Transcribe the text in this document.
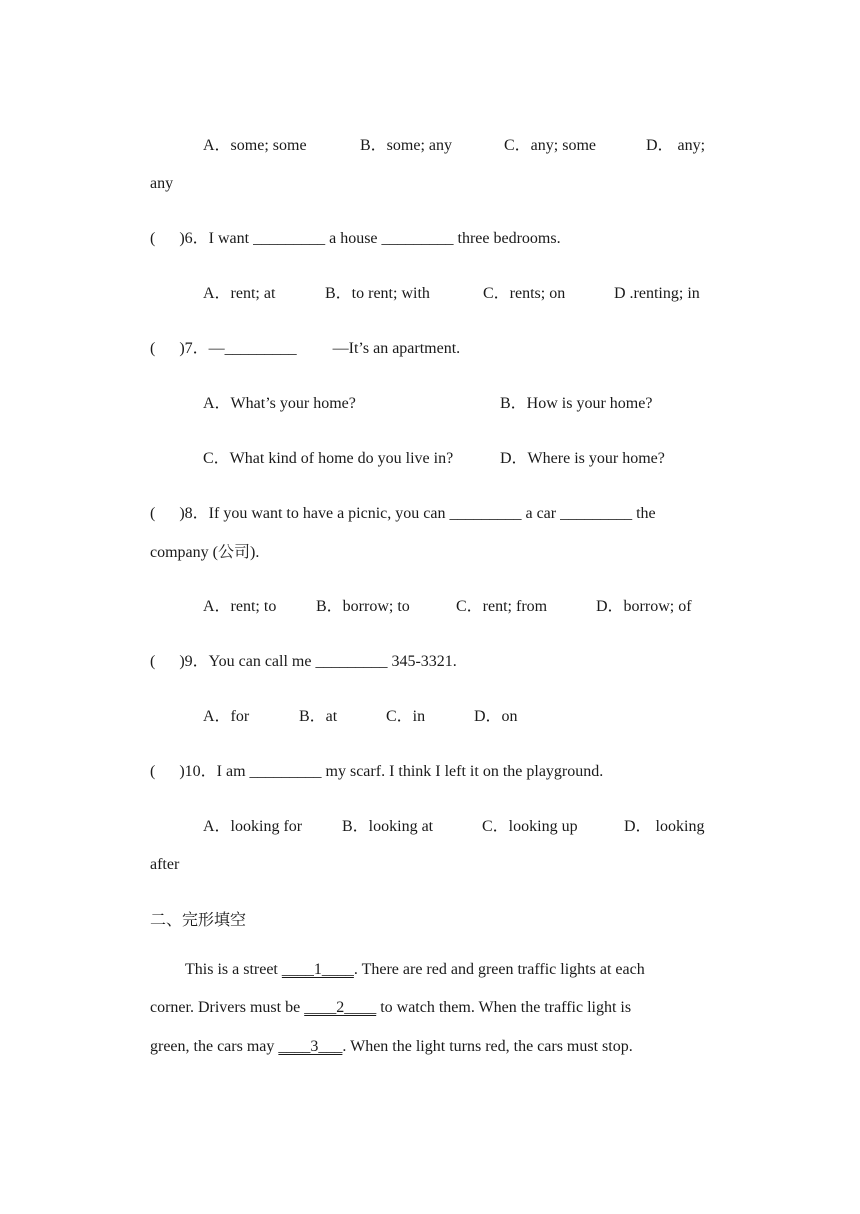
A．some; some	B．some; any	C．any; some	D． any;
any
(      )6．I want _________ a house _________ three bedrooms.
A．rent; at	B．to rent; with	C．rents; on	D .renting; in
(      )7．—_________         —It’s an apartment.
A．What’s your home?	B．How is your home?
C．What kind of home do you live in?	D．Where is your home?
(      )8．If you want to have a picnic, you can _________ a car _________ the
company (公司).
A．rent; to B．borrow; to	C．rent; from	D．borrow; of
(      )9．You can call me _________ 345-3321.
A．for	B．at	C．in	D．on
(      )10．I am _________ my scarf. I think I left it on the playground.
A．looking for B．looking at	C．looking up	D． looking
after
二、完形填空
This is a street ____1____. There are red and green traffic lights at each
corner. Drivers must be ____2____ to watch them. When the traffic light is
green, the cars may ____3___. When the light turns red, the cars must stop.
